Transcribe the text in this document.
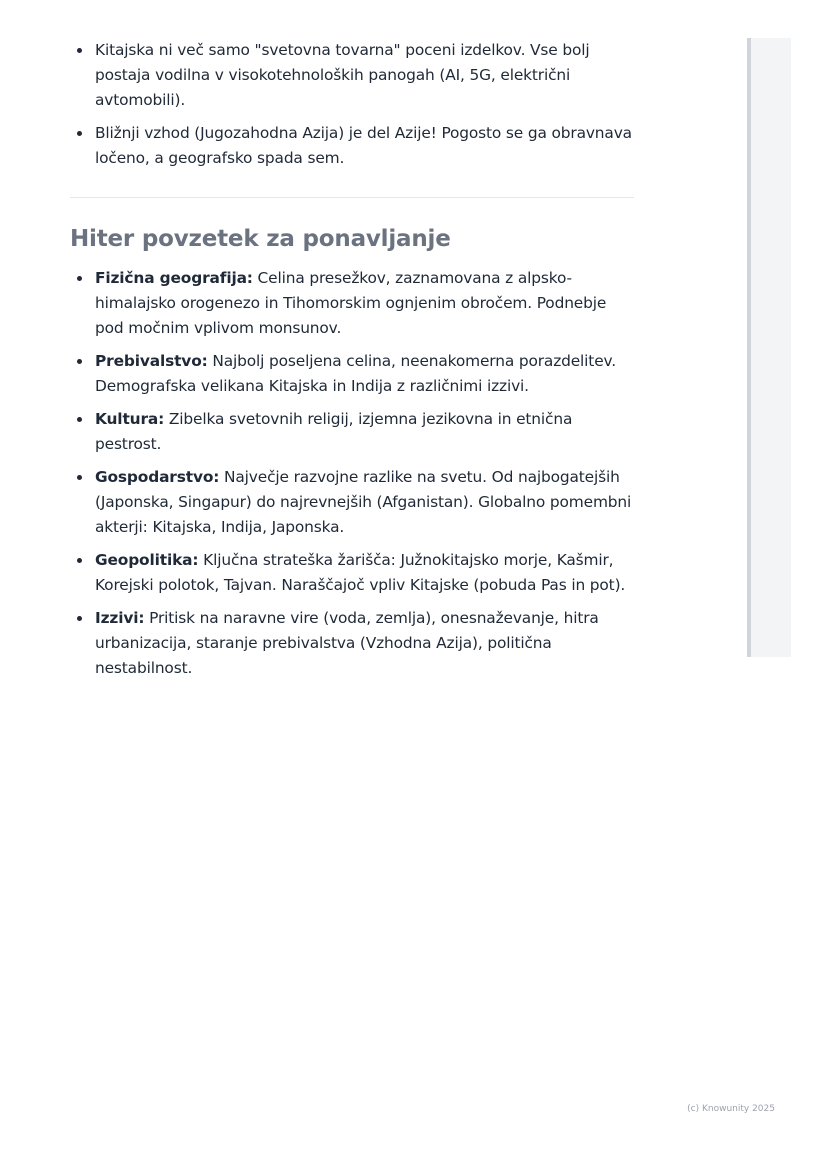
Kitajska ni več samo "svetovna tovarna" poceni izdelkov. Vse bolj postaja vodilna v visokotehnoloških panogah (AI, 5G, električni avtomobili).
Bližnji vzhod (Jugozahodna Azija) je del Azije! Pogosto se ga obravnava ločeno, a geografsko spada sem.
Hiter povzetek za ponavljanje
Fizična geografija: Celina presežkov, zaznamovana z alpsko-himalajsko orogenezo in Tihomorskim ognjenim obročem. Podnebje pod močnim vplivom monsunov.
Prebivalstvo: Najbolj poseljena celina, neenakomerna porazdelitev. Demografska velikana Kitajska in Indija z različnimi izzivi.
Kultura: Zibelka svetovnih religij, izjemna jezikovna in etnična pestrost.
Gospodarstvo: Največje razvojne razlike na svetu. Od najbogatejših (Japonska, Singapur) do najrevnejših (Afganistan). Globalno pomembni akterji: Kitajska, Indija, Japonska.
Geopolitika: Ključna strateška žarišča: Južnokitajsko morje, Kašmir, Korejski polotok, Tajvan. Naraščajoč vpliv Kitajske (pobuda Pas in pot).
Izzivi: Pritisk na naravne vire (voda, zemlja), onesnaževanje, hitra urbanizacija, staranje prebivalstva (Vzhodna Azija), politična nestabilnost.
(c) Knowunity 2025
